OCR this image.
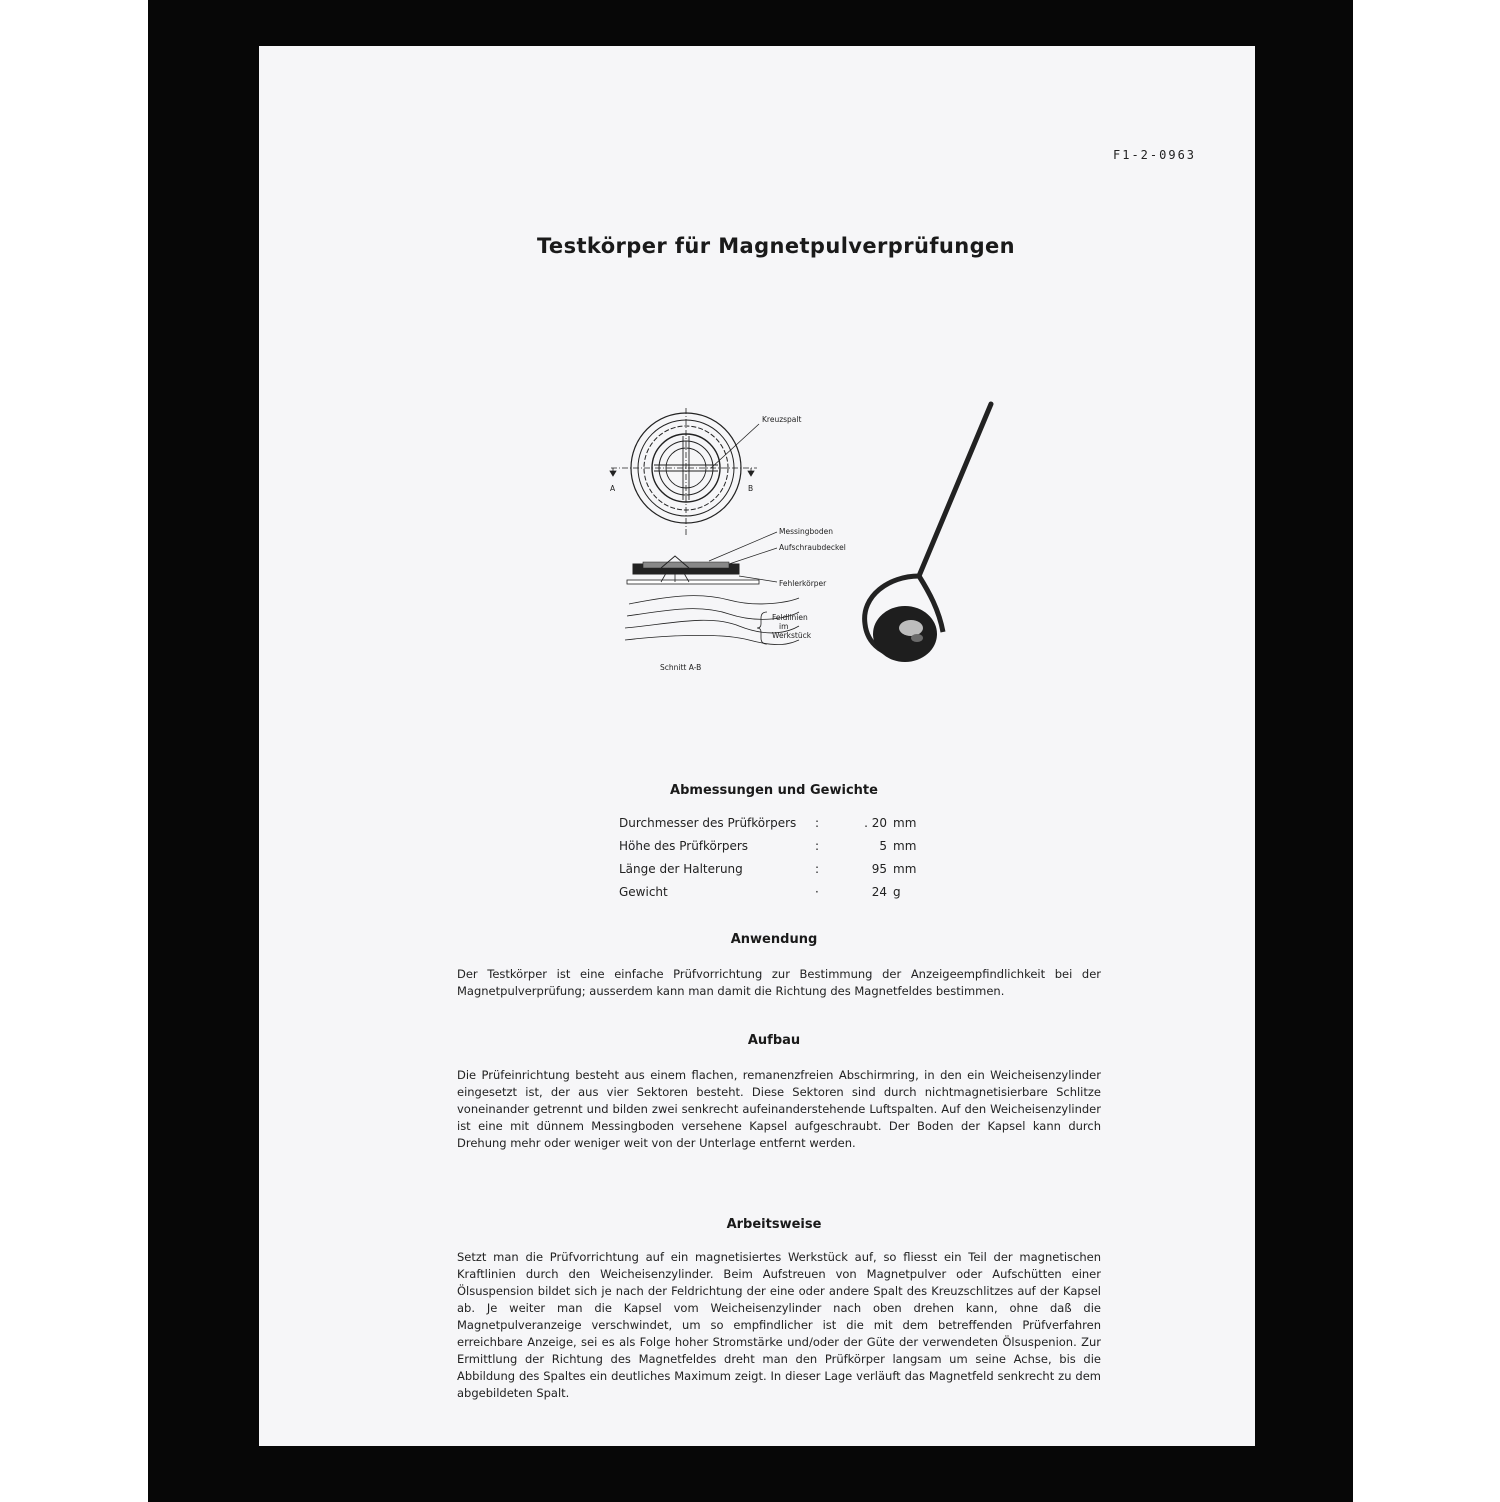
F1-2-0963
Testkörper für Magnetpulverprüfungen
Kreuzspalt
A	B
Messingboden
Aufschraubdeckel
Fehlerkörper
Feldlinien
im
Werkstück
Schnitt A-B
Abmessungen und Gewichte
Durchmesser des Prüfkörpers	:	. 20	mm
Höhe des Prüfkörpers	:	5	mm
Länge der Halterung	:	95	mm
Gewicht	·	24	g
Anwendung

Der Testkörper ist eine einfache Prüfvorrichtung zur Bestimmung der Anzeigeempfindlichkeit bei der Magnetpulverprüfung; ausserdem kann man damit die Richtung des Magnetfeldes bestimmen.

Aufbau

Die Prüfeinrichtung besteht aus einem flachen, remanenzfreien Abschirmring, in den ein Weicheisenzylinder eingesetzt ist, der aus vier Sektoren besteht. Diese Sektoren sind durch nichtmagnetisierbare Schlitze voneinander getrennt und bilden zwei senkrecht aufeinanderstehende Luftspalten. Auf den Weicheisenzylinder ist eine mit dünnem Messingboden versehene Kapsel aufgeschraubt. Der Boden der Kapsel kann durch Drehung mehr oder weniger weit von der Unterlage entfernt werden.

Arbeitsweise

Setzt man die Prüfvorrichtung auf ein magnetisiertes Werkstück auf, so fliesst ein Teil der magnetischen Kraftlinien durch den Weicheisenzylinder. Beim Aufstreuen von Magnetpulver oder Aufschütten einer Ölsuspension bildet sich je nach der Feldrichtung der eine oder andere Spalt des Kreuzschlitzes auf der Kapsel ab. Je weiter man die Kapsel vom Weicheisenzylinder nach oben drehen kann, ohne daß die Magnetpulveranzeige verschwindet, um so empfindlicher ist die mit dem betreffenden Prüfverfahren erreichbare Anzeige, sei es als Folge hoher Stromstärke und/oder der Güte der verwendeten Ölsuspenion. Zur Ermittlung der Richtung des Magnetfeldes dreht man den Prüfkörper langsam um seine Achse, bis die Abbildung des Spaltes ein deutliches Maximum zeigt. In dieser Lage verläuft das Magnetfeld senkrecht zu dem abgebildeten Spalt.
